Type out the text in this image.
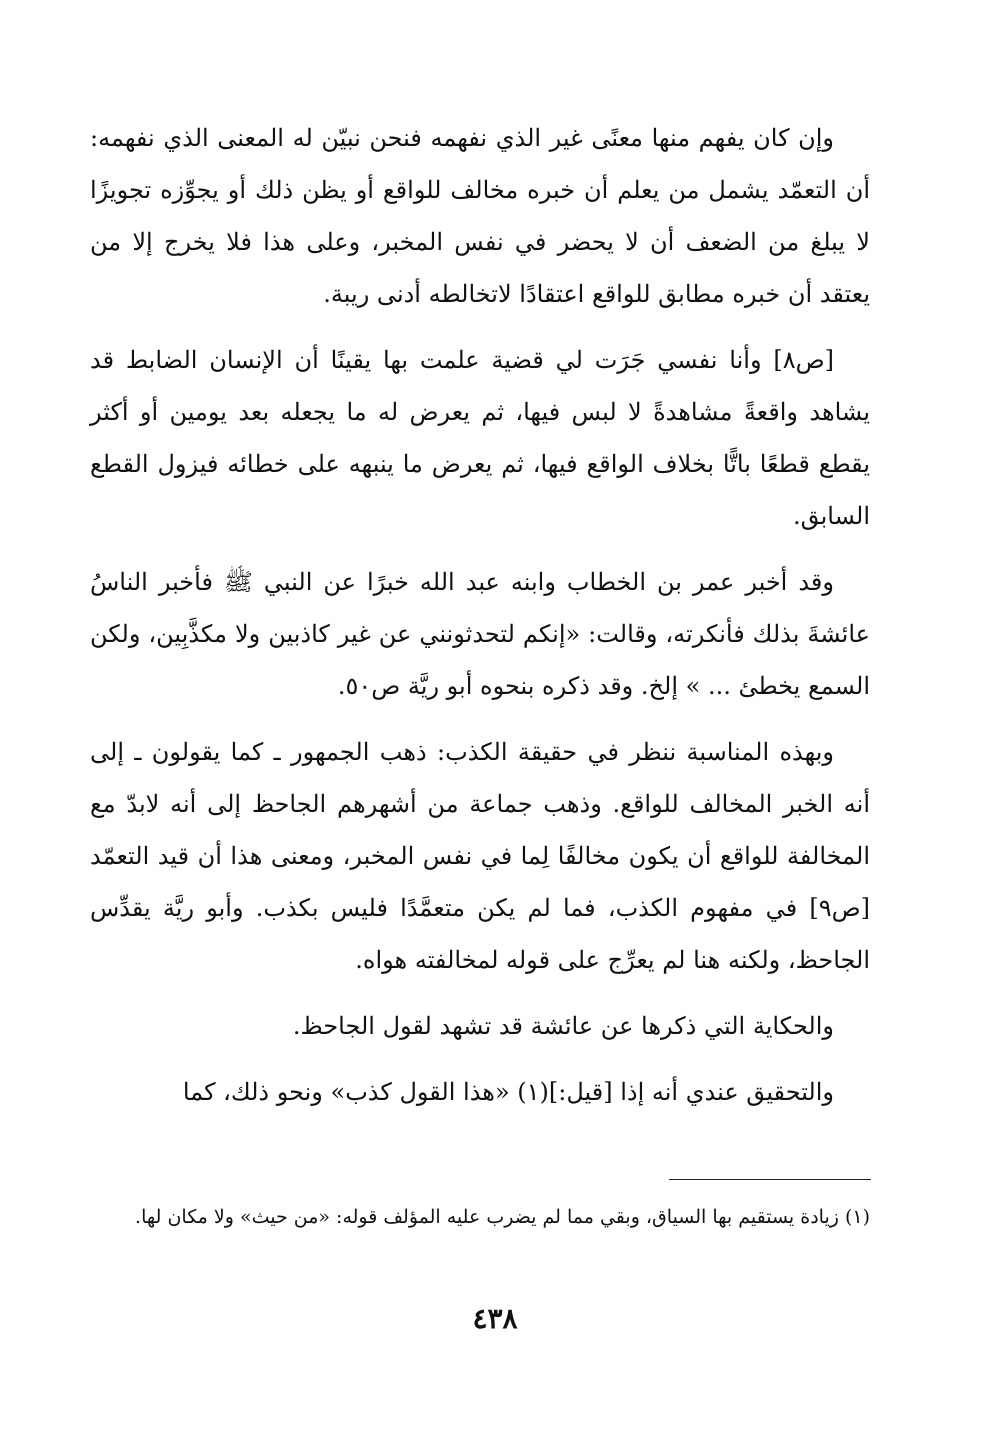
وإن كان يفهم منها معنًى غير الذي نفهمه فنحن نبيّن له المعنى الذي نفهمه: أن التعمّد يشمل من يعلم أن خبره مخالف للواقع أو يظن ذلك أو يجوِّزه تجويزًا لا يبلغ من الضعف أن لا يحضر في نفس المخبر، وعلى هذا فلا يخرج إلا من يعتقد أن خبره مطابق للواقع اعتقادًا لاتخالطه أدنى ريبة.

[ص٨] وأنا نفسي جَرَت لي قضية علمت بها يقينًا أن الإنسان الضابط قد يشاهد واقعةً مشاهدةً لا لبس فيها، ثم يعرض له ما يجعله بعد يومين أو أكثر يقطع قطعًا باتًّا بخلاف الواقع فيها، ثم يعرض ما ينبهه على خطائه فيزول القطع السابق.

وقد أخبر عمر بن الخطاب وابنه عبد الله خبرًا عن النبي ﷺ فأخبر الناسُ عائشةَ بذلك فأنكرته، وقالت: «إنكم لتحدثونني عن غير كاذبين ولا مكذَّبِين، ولكن السمع يخطئ ... » إلخ. وقد ذكره بنحوه أبو ريَّة ص٥٠.

وبهذه المناسبة ننظر في حقيقة الكذب: ذهب الجمهور ـ كما يقولون ـ إلى أنه الخبر المخالف للواقع. وذهب جماعة من أشهرهم الجاحظ إلى أنه لابدّ مع المخالفة للواقع أن يكون مخالفًا لِما في نفس المخبر، ومعنى هذا أن قيد التعمّد [ص٩] في مفهوم الكذب، فما لم يكن متعمَّدًا فليس بكذب. وأبو ريَّة يقدِّس الجاحظ، ولكنه هنا لم يعرِّج على قوله لمخالفته هواه.

والحكاية التي ذكرها عن عائشة قد تشهد لقول الجاحظ.

والتحقيق عندي أنه إذا [قيل:](١) «هذا القول كذب» ونحو ذلك، كما

(١) زيادة يستقيم بها السياق، وبقي مما لم يضرب عليه المؤلف قوله: «من حيث» ولا مكان لها.

٤٣٨
